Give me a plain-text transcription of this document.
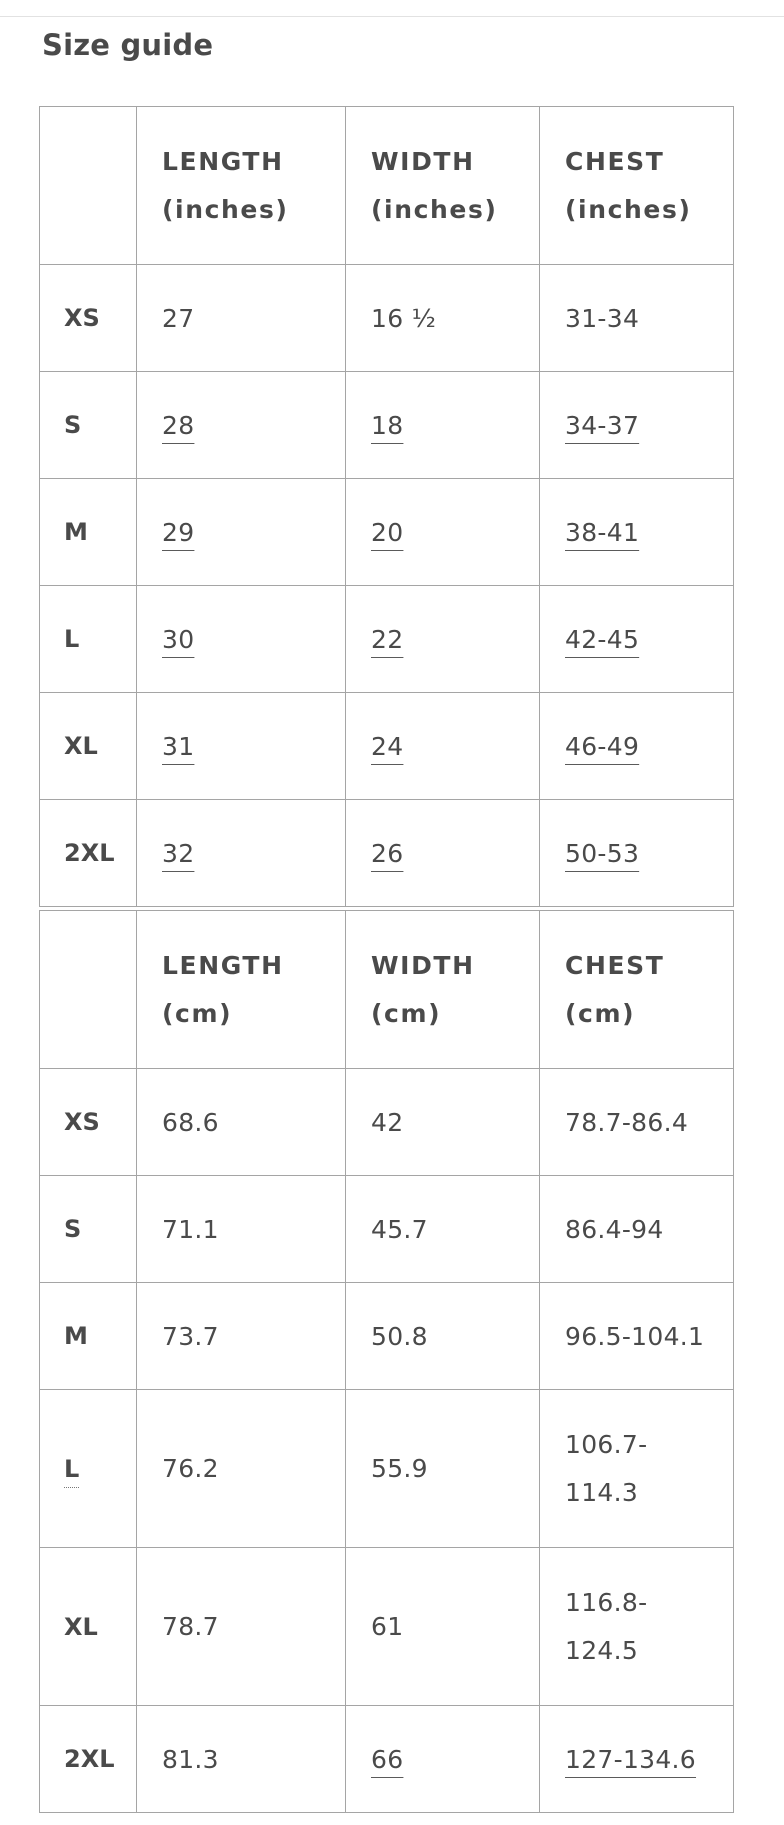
Size guide

	LENGTH (inches)	WIDTH (inches)	CHEST (inches)

XS	27	16 ½	31-34
S	28	18	34-37
M	29	20	38-41
L	30	22	42-45
XL	31	24	46-49
2XL	32	26	50-53

	LENGTH (cm)	WIDTH (cm)	CHEST (cm)

XS	68.6	42	78.7-86.4
S	71.1	45.7	86.4-94
M	73.7	50.8	96.5-104.1
L	76.2	55.9	106.7-114.3

XL	78.7	61	116.8-124.5

2XL	81.3	66	127-134.6
